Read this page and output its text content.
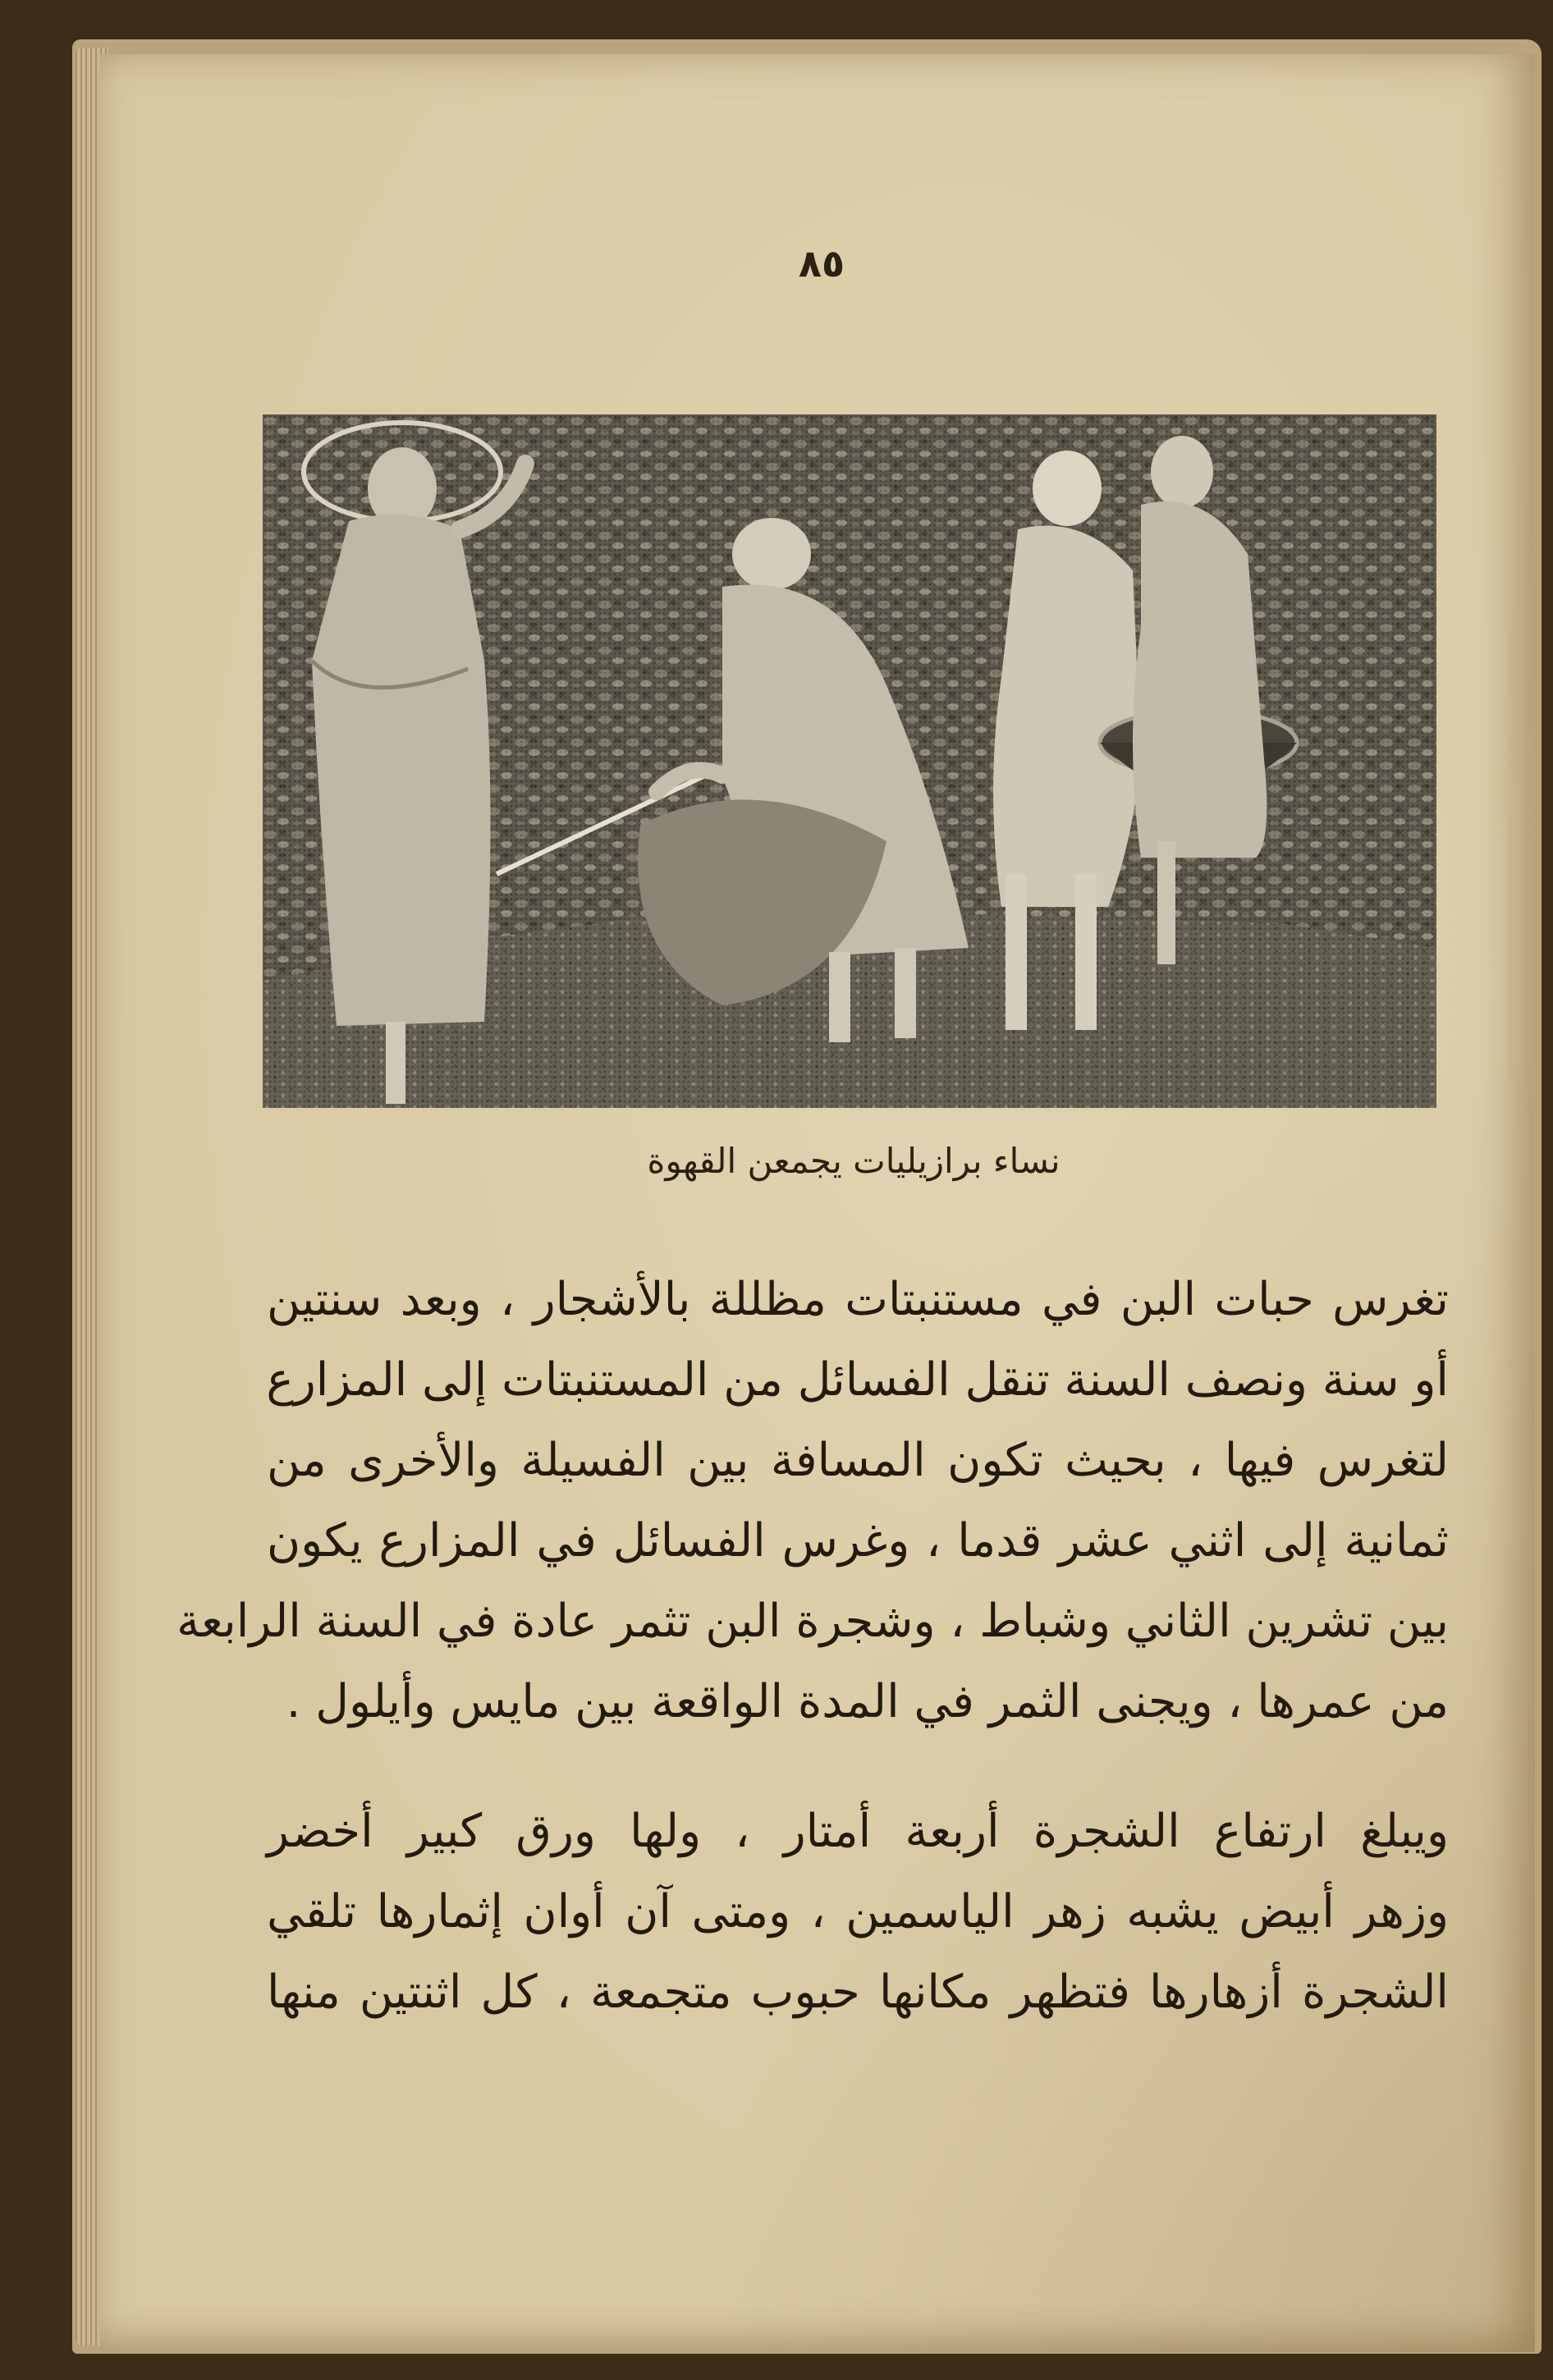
٨٥
نساء برازيليات يجمعن القهوة
تغرس حبات البن في مستنبتات مظللة بالأشجار ، وبعد سنتين
أو سنة ونصف السنة تنقل الفسائل من المستنبتات إلى المزارع
لتغرس فيها ، بحيث تكون المسافة بين الفسيلة والأخرى من
ثمانية إلى اثني عشر قدما ، وغرس الفسائل في المزارع يكون
بين تشرين الثاني وشباط ، وشجرة البن تثمر عادة في السنة الرابعة
من عمرها ، ويجنى الثمر في المدة الواقعة بين مايس وأيلول .
ويبلغ ارتفاع الشجرة أربعة أمتار ، ولها ورق كبير أخضر
وزهر أبيض يشبه زهر الياسمين ، ومتى آن أوان إثمارها تلقي
الشجرة أزهارها فتظهر مكانها حبوب متجمعة ، كل اثنتين منها
